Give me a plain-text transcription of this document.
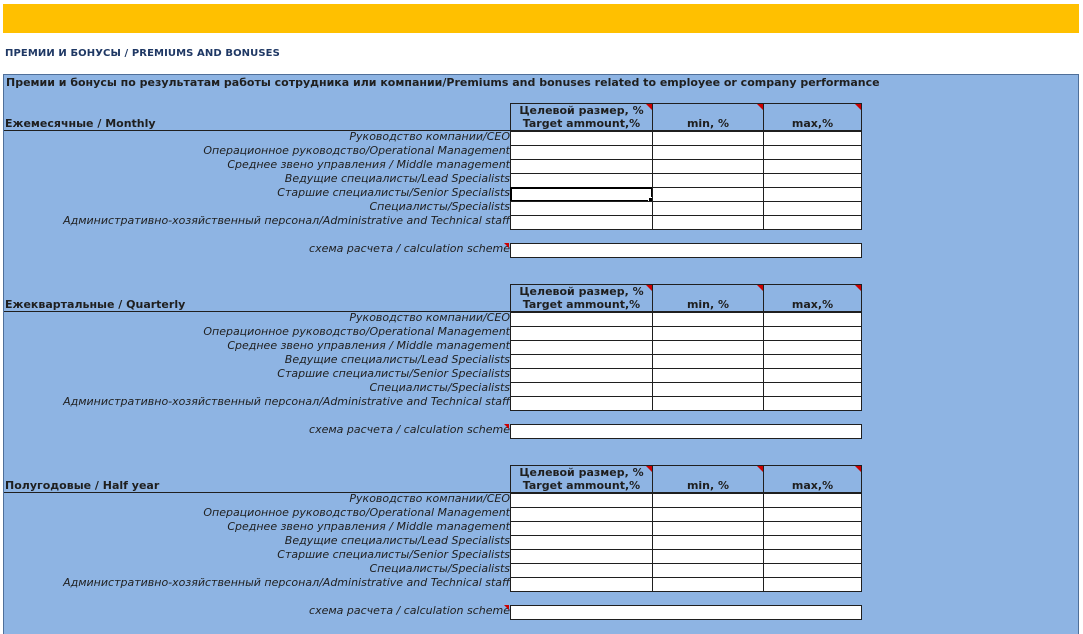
ПРЕМИИ И БОНУСЫ / PREMIUMS AND BONUSES
Премии и бонусы по результатам работы сотрудника или компании/Premiums and bonuses related to employee or company performance
Ежемесячные / Monthly
Целевой размер, %
Target ammount,%	min, %	max,%
Руководство компании/CEO
Операционное руководство/Operational Management
Среднее звено управления / Middle management
Ведущие специалисты/Lead Specialists
Старшие специалисты/Senior Specialists
Специалисты/Specialists
Административно-хозяйственный персонал/Administrative and Technical staff
схема расчета / calculation scheme
Ежеквартальные / Quarterly
Целевой размер, %
Target ammount,%	min, %	max,%
Руководство компании/CEO
Операционное руководство/Operational Management
Среднее звено управления / Middle management
Ведущие специалисты/Lead Specialists
Старшие специалисты/Senior Specialists
Специалисты/Specialists
Административно-хозяйственный персонал/Administrative and Technical staff
схема расчета / calculation scheme
Полугодовые / Half year
Целевой размер, %
Target ammount,%	min, %	max,%
Руководство компании/CEO
Операционное руководство/Operational Management
Среднее звено управления / Middle management
Ведущие специалисты/Lead Specialists
Старшие специалисты/Senior Specialists
Специалисты/Specialists
Административно-хозяйственный персонал/Administrative and Technical staff
схема расчета / calculation scheme
